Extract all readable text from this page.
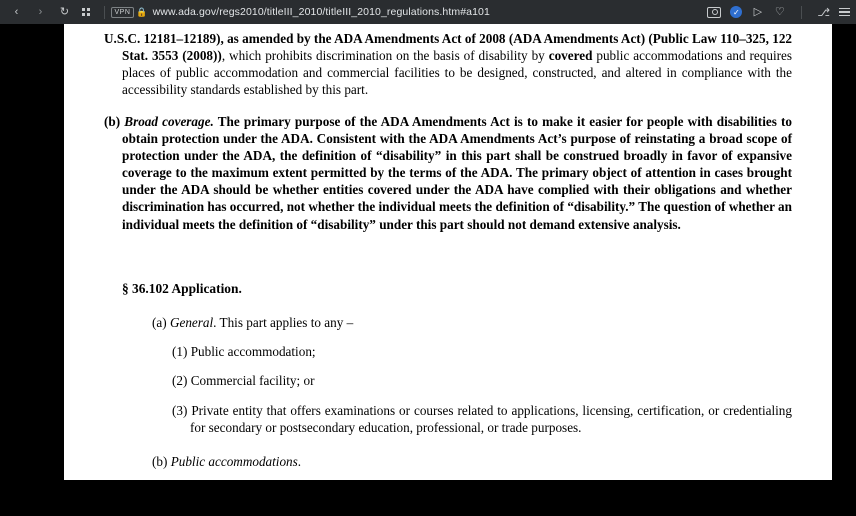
‹	›	↻	VPN 🔒 www.ada.gov/regs2010/titleIII_2010/titleIII_2010_regulations.htm#a101	✓ ▷ ♡	⎇

U.S.C. 12181–12189), as amended by the ADA Amendments Act of 2008 (ADA Amendments Act) (Public Law 110–325, 122 Stat. 3553 (2008)), which prohibits discrimination on the basis of disability by covered public accommodations and requires places of public accommodation and commercial facilities to be designed, constructed, and altered in compliance with the accessibility standards established by this part.

(b) Broad coverage. The primary purpose of the ADA Amendments Act is to make it easier for people with disabilities to obtain protection under the ADA. Consistent with the ADA Amendments Act’s purpose of reinstating a broad scope of protection under the ADA, the definition of “disability” in this part shall be construed broadly in favor of expansive coverage to the maximum extent permitted by the terms of the ADA. The primary object of attention in cases brought under the ADA should be whether entities covered under the ADA have complied with their obligations and whether discrimination has occurred, not whether the individual meets the definition of “disability.” The question of whether an individual meets the definition of “disability” under this part should not demand extensive analysis.

§ 36.102 Application.

(a) General. This part applies to any –

(1) Public accommodation;

(2) Commercial facility; or

(3) Private entity that offers examinations or courses related to applications, licensing, certification, or credentialing for secondary or postsecondary education, professional, or trade purposes.

(b) Public accommodations.

(1) The requirements of this part applicable to public accommodations are set forth in subparts B, C, and D of this part.
